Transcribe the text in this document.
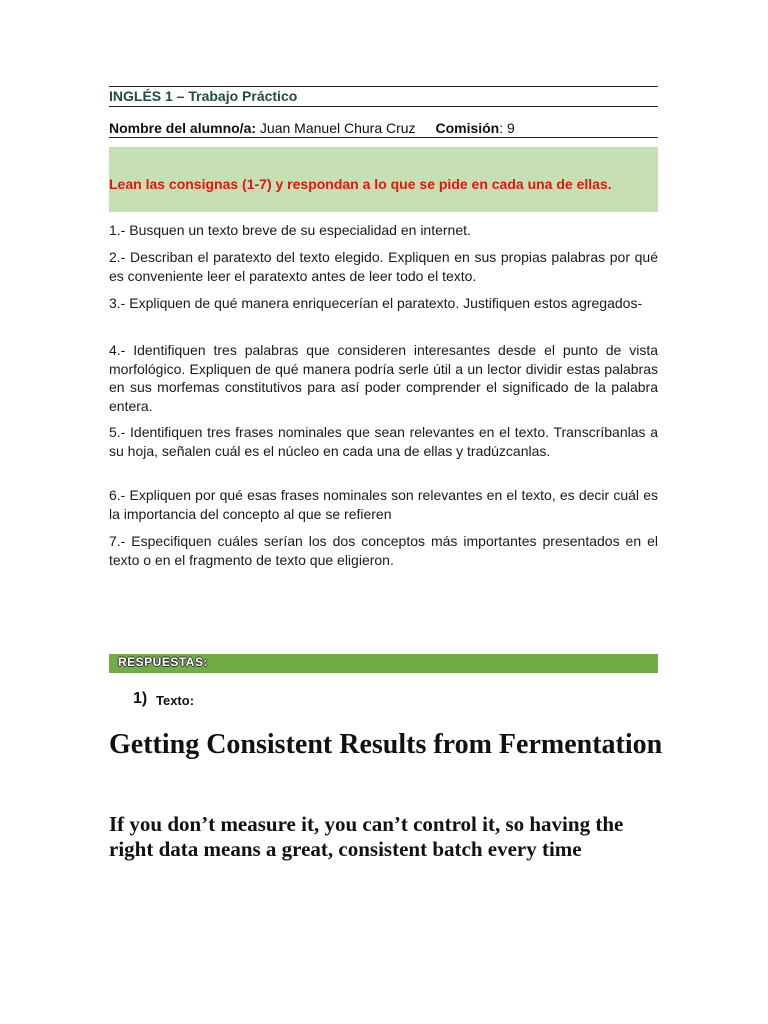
INGLÉS 1 – Trabajo Práctico
Nombre del alumno/a: Juan Manuel Chura Cruz Comisión: 9
Lean las consignas (1-7) y respondan a lo que se pide en cada una de ellas.
1.- Busquen un texto breve de su especialidad en internet.
2.- Describan el paratexto del texto elegido. Expliquen en sus propias palabras por qué es conveniente leer el paratexto antes de leer todo el texto.
3.- Expliquen de qué manera enriquecerían el paratexto. Justifiquen estos agregados-
4.- Identifiquen tres palabras que consideren interesantes desde el punto de vista morfológico. Expliquen de qué manera podría serle útil a un lector dividir estas palabras en sus morfemas constitutivos para así poder comprender el significado de la palabra entera.
5.- Identifiquen tres frases nominales que sean relevantes en el texto. Transcríbanlas a su hoja, señalen cuál es el núcleo en cada una de ellas y tradúzcanlas.
6.- Expliquen por qué esas frases nominales son relevantes en el texto, es decir cuál es la importancia del concepto al que se refieren
7.- Especifiquen cuáles serían los dos conceptos más importantes presentados en el texto o en el fragmento de texto que eligieron.
RESPUESTAS:
1) Texto:
Getting Consistent Results from Fermentation
If you don’t measure it, you can’t control it, so having the right data means a great, consistent batch every time
